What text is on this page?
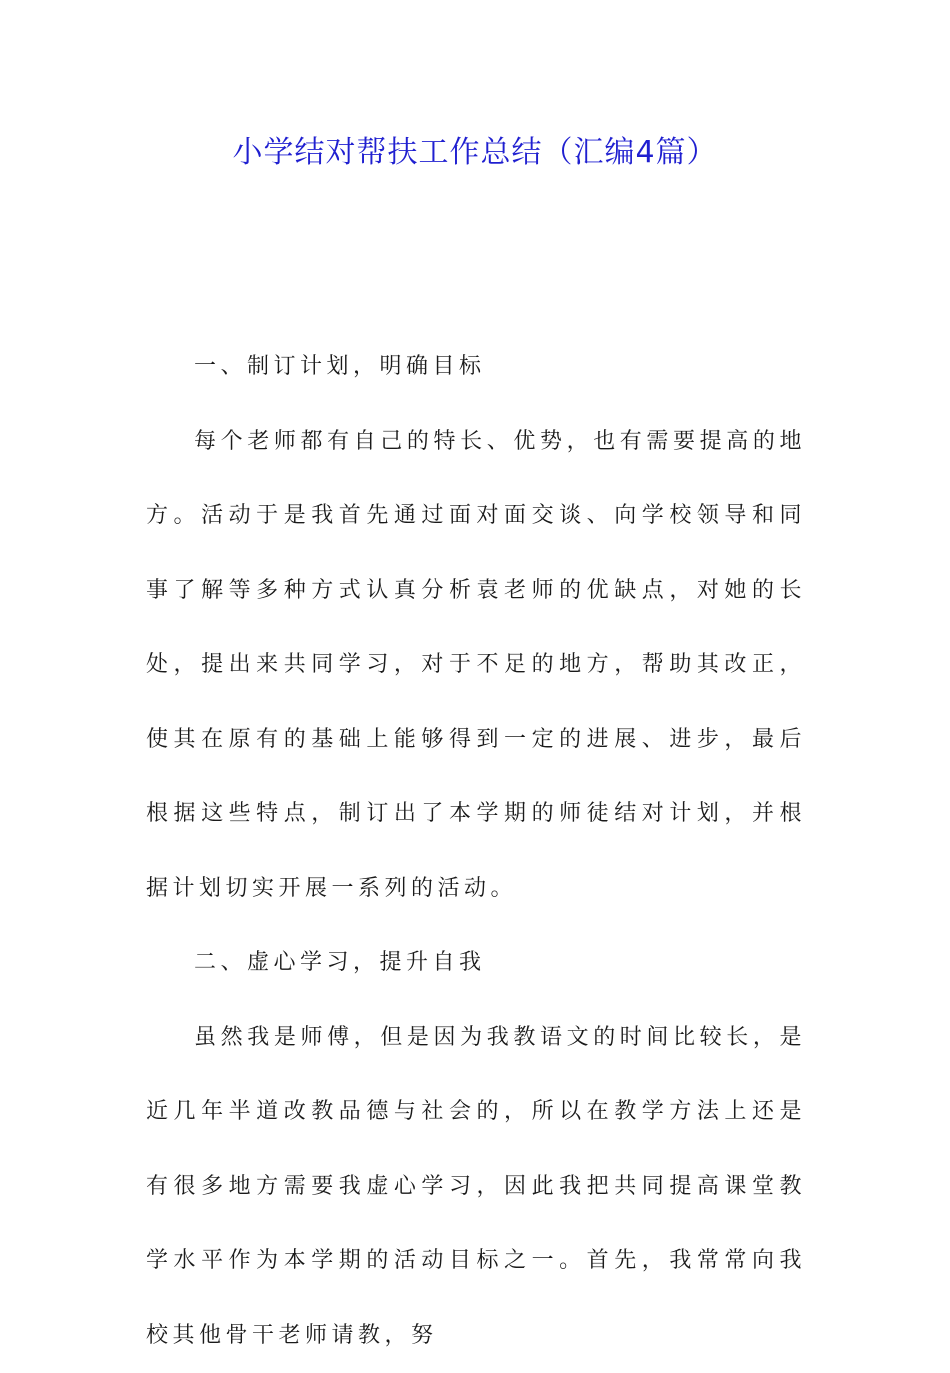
小学结对帮扶工作总结（汇编4篇）

一、制订计划，明确目标

每个老师都有自己的特长、优势，也有需要提高的地方。活动于是我首先通过面对面交谈、向学校领导和同事了解等多种方式认真分析袁老师的优缺点，对她的长处，提出来共同学习，对于不足的地方，帮助其改正，使其在原有的基础上能够得到一定的进展、进步，最后根据这些特点，制订出了本学期的师徒结对计划，并根据计划切实开展一系列的活动。

二、虚心学习，提升自我

虽然我是师傅，但是因为我教语文的时间比较长，是近几年半道改教品德与社会的，所以在教学方法上还是有很多地方需要我虚心学习，因此我把共同提高课堂教学水平作为本学期的活动目标之一。首先，我常常向我校其他骨干老师请教，努
